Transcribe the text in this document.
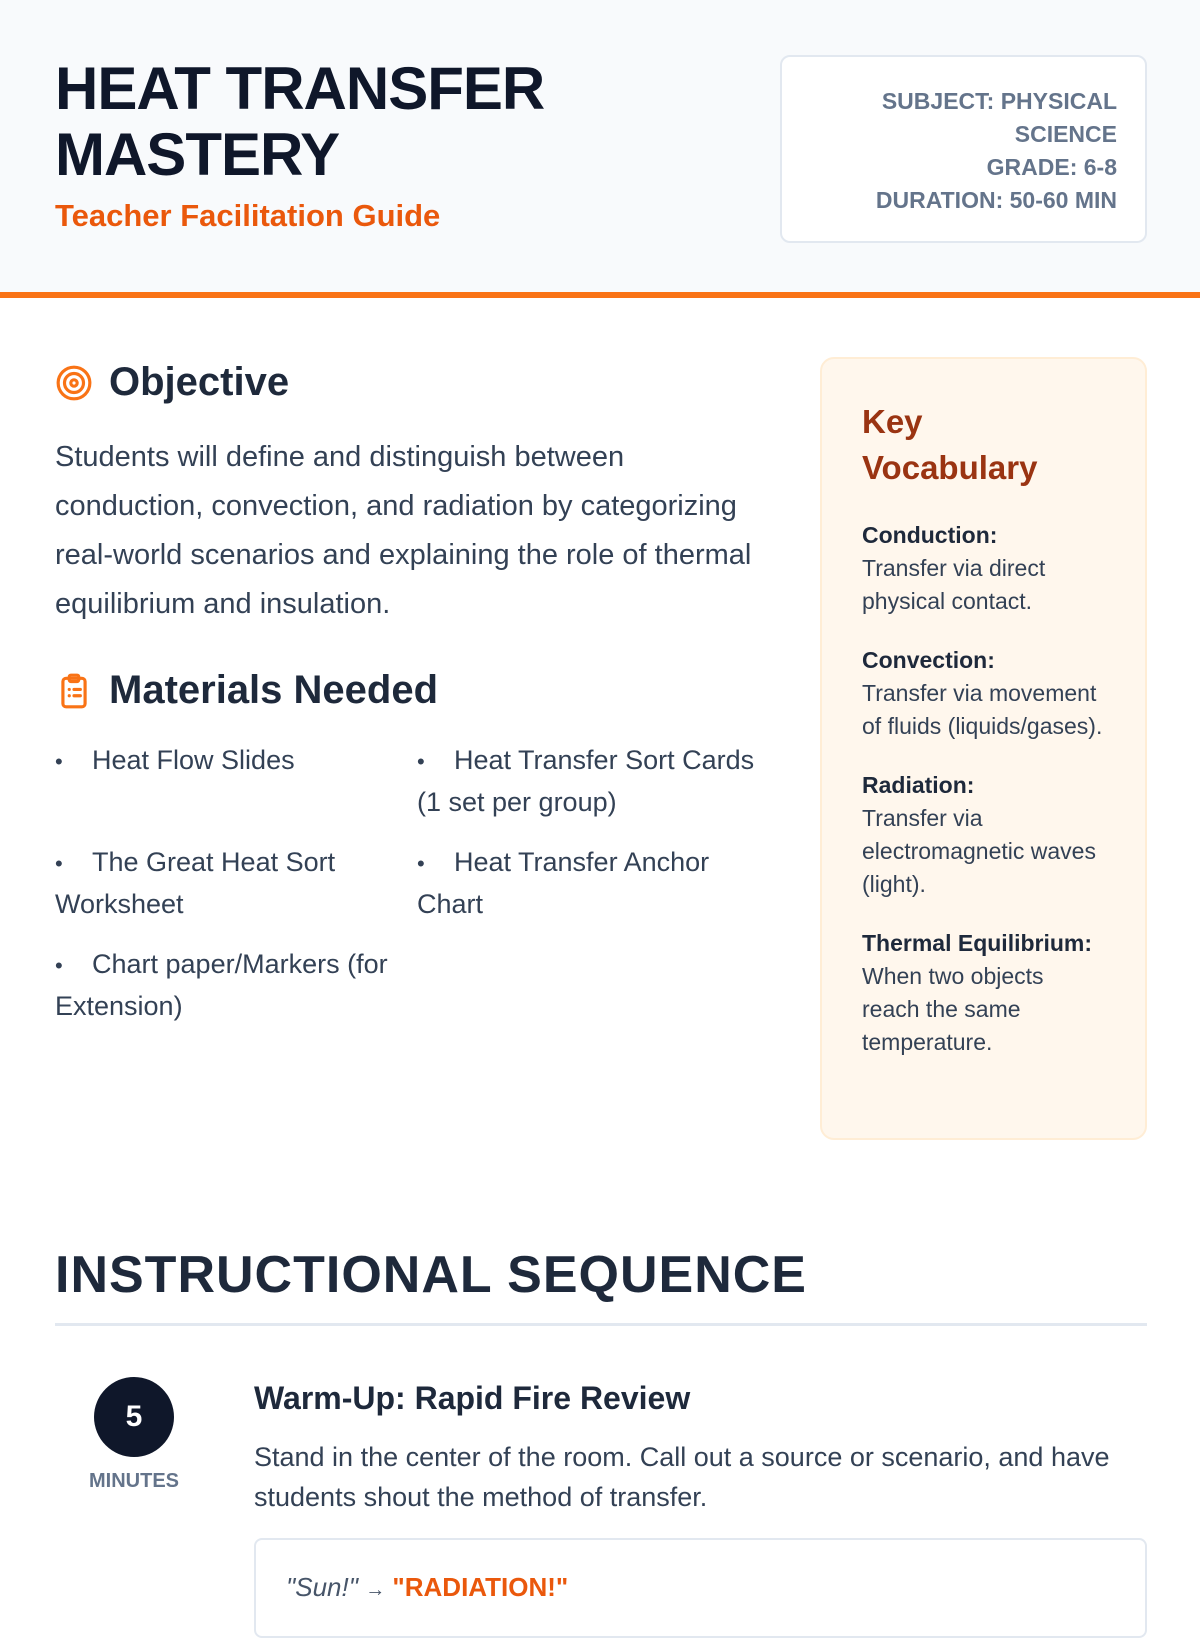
HEAT TRANSFER
MASTERY
Teacher Facilitation Guide
SUBJECT: PHYSICAL SCIENCE
GRADE: 6-8
DURATION: 50-60 MIN
Objective
Students will define and distinguish between conduction, convection, and radiation by categorizing real-world scenarios and explaining the role of thermal equilibrium and insulation.
Materials Needed
• Heat Flow Slides	• Heat Transfer Sort Cards (1 set per group)
• The Great Heat Sort Worksheet
• Heat Transfer Anchor Chart
• Chart paper/Markers (for Extension)
Key Vocabulary
Conduction:
Transfer via direct physical contact.
Convection:
Transfer via movement of fluids (liquids/gases).
Radiation:
Transfer via electromagnetic waves (light).
Thermal Equilibrium:
When two objects reach the same temperature.
INSTRUCTIONAL SEQUENCE
5
MINUTES
Warm-Up: Rapid Fire Review
Stand in the center of the room. Call out a source or scenario, and have students shout the method of transfer.
"Sun!" → "RADIATION!"
